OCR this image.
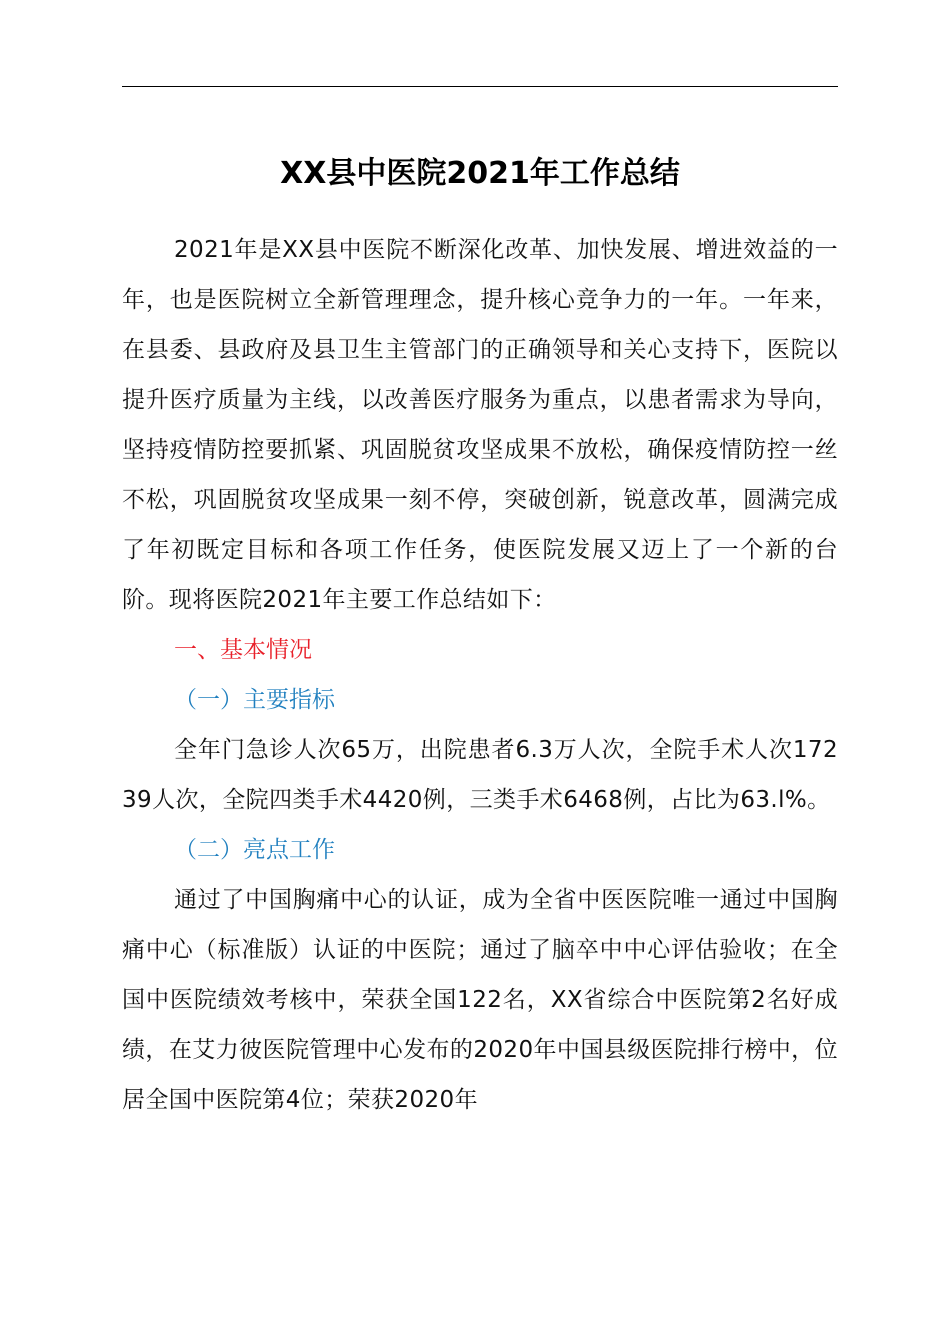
XX县中医院2021年工作总结

2021年是XX县中医院不断深化改革、加快发展、增进效益的一年，也是医院树立全新管理理念，提升核心竞争力的一年。一年来，在县委、县政府及县卫生主管部门的正确领导和关心支持下，医院以提升医疗质量为主线，以改善医疗服务为重点，以患者需求为导向，坚持疫情防控要抓紧、巩固脱贫攻坚成果不放松，确保疫情防控一丝不松，巩固脱贫攻坚成果一刻不停，突破创新，锐意改革，圆满完成了年初既定目标和各项工作任务，使医院发展又迈上了一个新的台阶。现将医院2021年主要工作总结如下：

一、基本情况

（一）主要指标

全年门急诊人次65万，出院患者6.3万人次，全院手术人次17239人次，全院四类手术4420例，三类手术6468例，占比为63.l%。

（二）亮点工作

通过了中国胸痛中心的认证，成为全省中医医院唯一通过中国胸痛中心（标准版）认证的中医院；通过了脑卒中中心评估验收；在全国中医院绩效考核中，荣获全国122名，XX省综合中医院第2名好成绩，在艾力彼医院管理中心发布的2020年中国县级医院排行榜中，位居全国中医院第4位；荣获2020年
